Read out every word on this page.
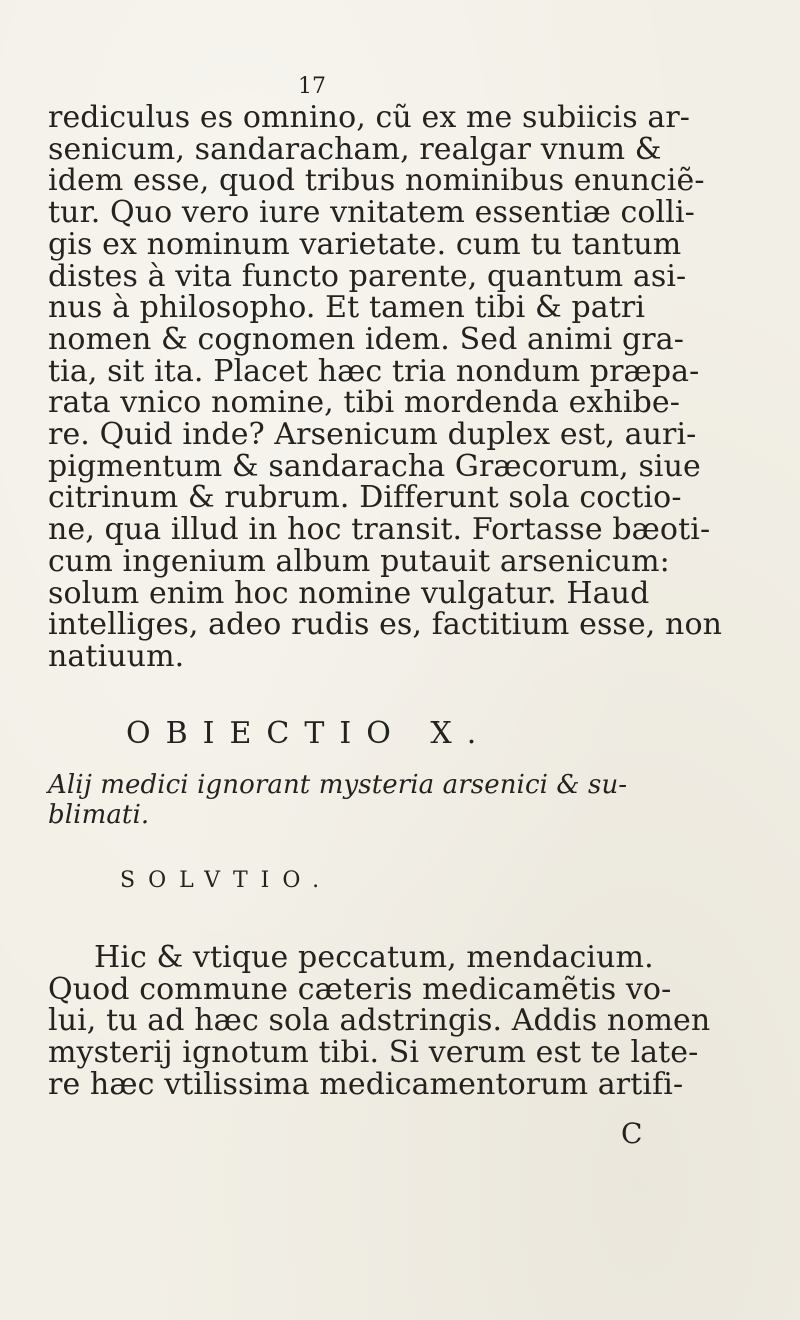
17
rediculus es omnino, cũ ex me subiicis ar-
senicum, sandaracham, realgar vnum &
idem esse, quod tribus nominibus enunciẽ-
tur. Quo vero iure vnitatem essentiæ colli-
gis ex nominum varietate. cum tu tantum
distes à vita functo parente, quantum asi-
nus à philosopho. Et tamen tibi & patri
nomen & cognomen idem. Sed animi gra-
tia, sit ita. Placet hæc tria nondum præpa-
rata vnico nomine, tibi mordenda exhibe-
re. Quid inde? Arsenicum duplex est, auri-
pigmentum & sandaracha Græcorum, siue
citrinum & rubrum. Differunt sola coctio-
ne, qua illud in hoc transit. Fortasse bæoti-
cum ingenium album putauit arsenicum:
solum enim hoc nomine vulgatur. Haud
intelliges, adeo rudis es, factitium esse, non
natiuum.
OBIECTIO X.
Alij medici ignorant mysteria arsenici & su-
blimati.
SOLVTIO.
Hic & vtique peccatum, mendacium.
Quod commune cæteris medicamẽtis vo-
lui, tu ad hæc sola adstringis. Addis nomen
mysterij ignotum tibi. Si verum est te late-
re hæc vtilissima medicamentorum artifi-
C
